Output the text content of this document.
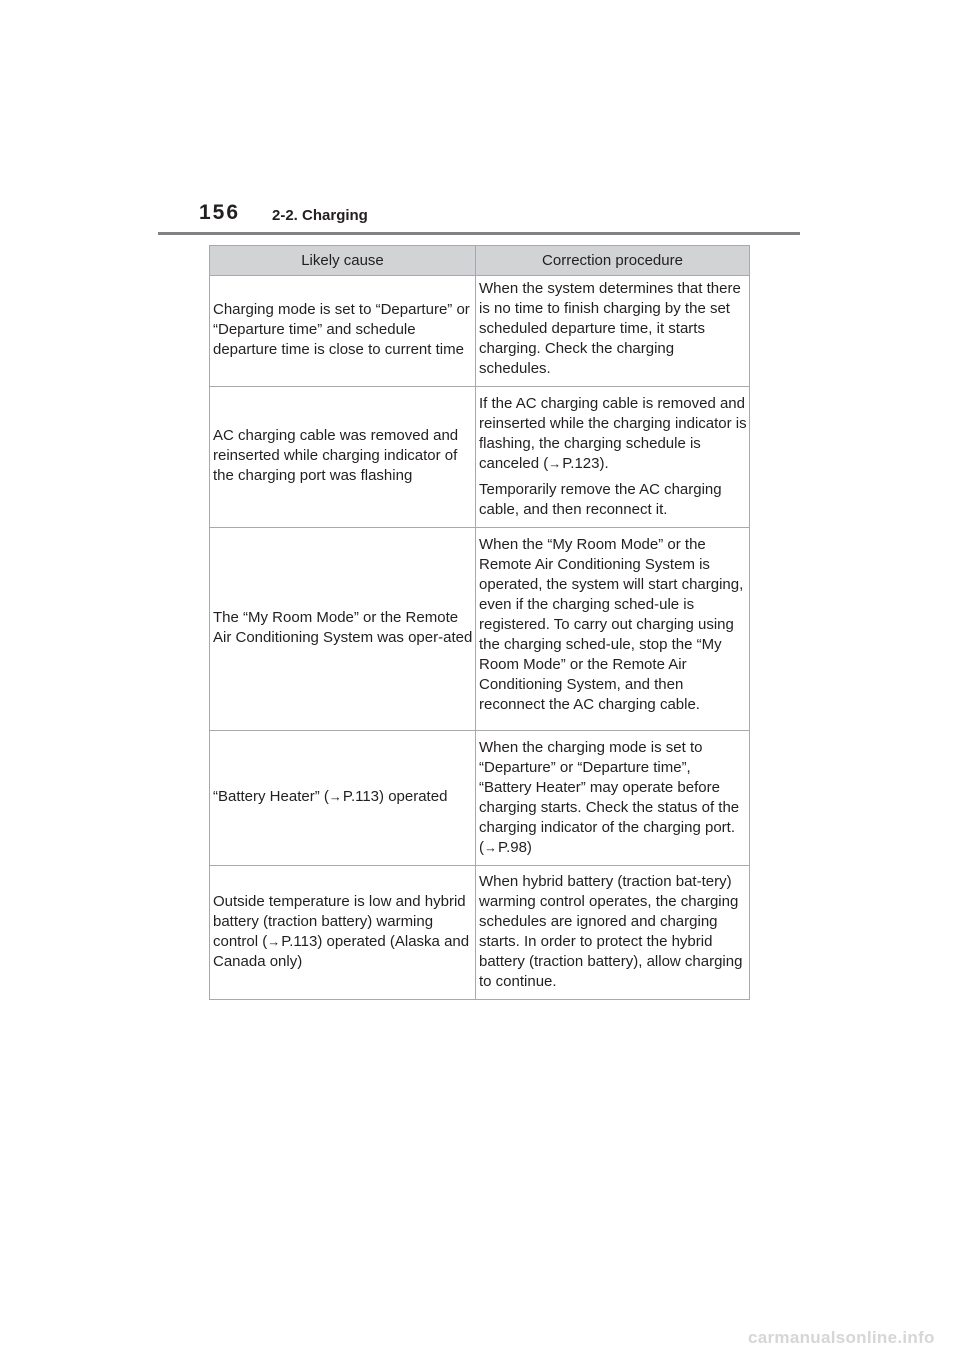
156 2-2. Charging
Likely cause	Correction procedure
Charging mode is set to “Departure” or “Departure time” and schedule departure time is close to current time	When the system determines that there is no time to finish charging by the set scheduled departure time, it starts charging. Check the charging schedules.

AC charging cable was removed and reinserted while charging indicator of the charging port was flashing	If the AC charging cable is removed and reinserted while the charging indicator is flashing, the charging schedule is canceled (→P.123).

Temporarily remove the AC charging cable, and then reconnect it.

The “My Room Mode” or the Remote Air Conditioning System was oper-ated	When the “My Room Mode” or the Remote Air Conditioning System is operated, the system will start charging, even if the charging sched-ule is registered. To carry out charging using the charging sched-ule, stop the “My Room Mode” or the Remote Air Conditioning System, and then reconnect the AC charging cable.

“Battery Heater” (→P.113) operated	When the charging mode is set to “Departure” or “Departure time”, “Battery Heater” may operate before charging starts. Check the status of the charging indicator of the charging port. (→P.98)

Outside temperature is low and hybrid battery (traction battery) warming control (→P.113) operated (Alaska and Canada only)	When hybrid battery (traction bat-tery) warming control operates, the charging schedules are ignored and charging starts. In order to protect the hybrid battery (traction battery), allow charging to continue.

carmanualsonline.info
